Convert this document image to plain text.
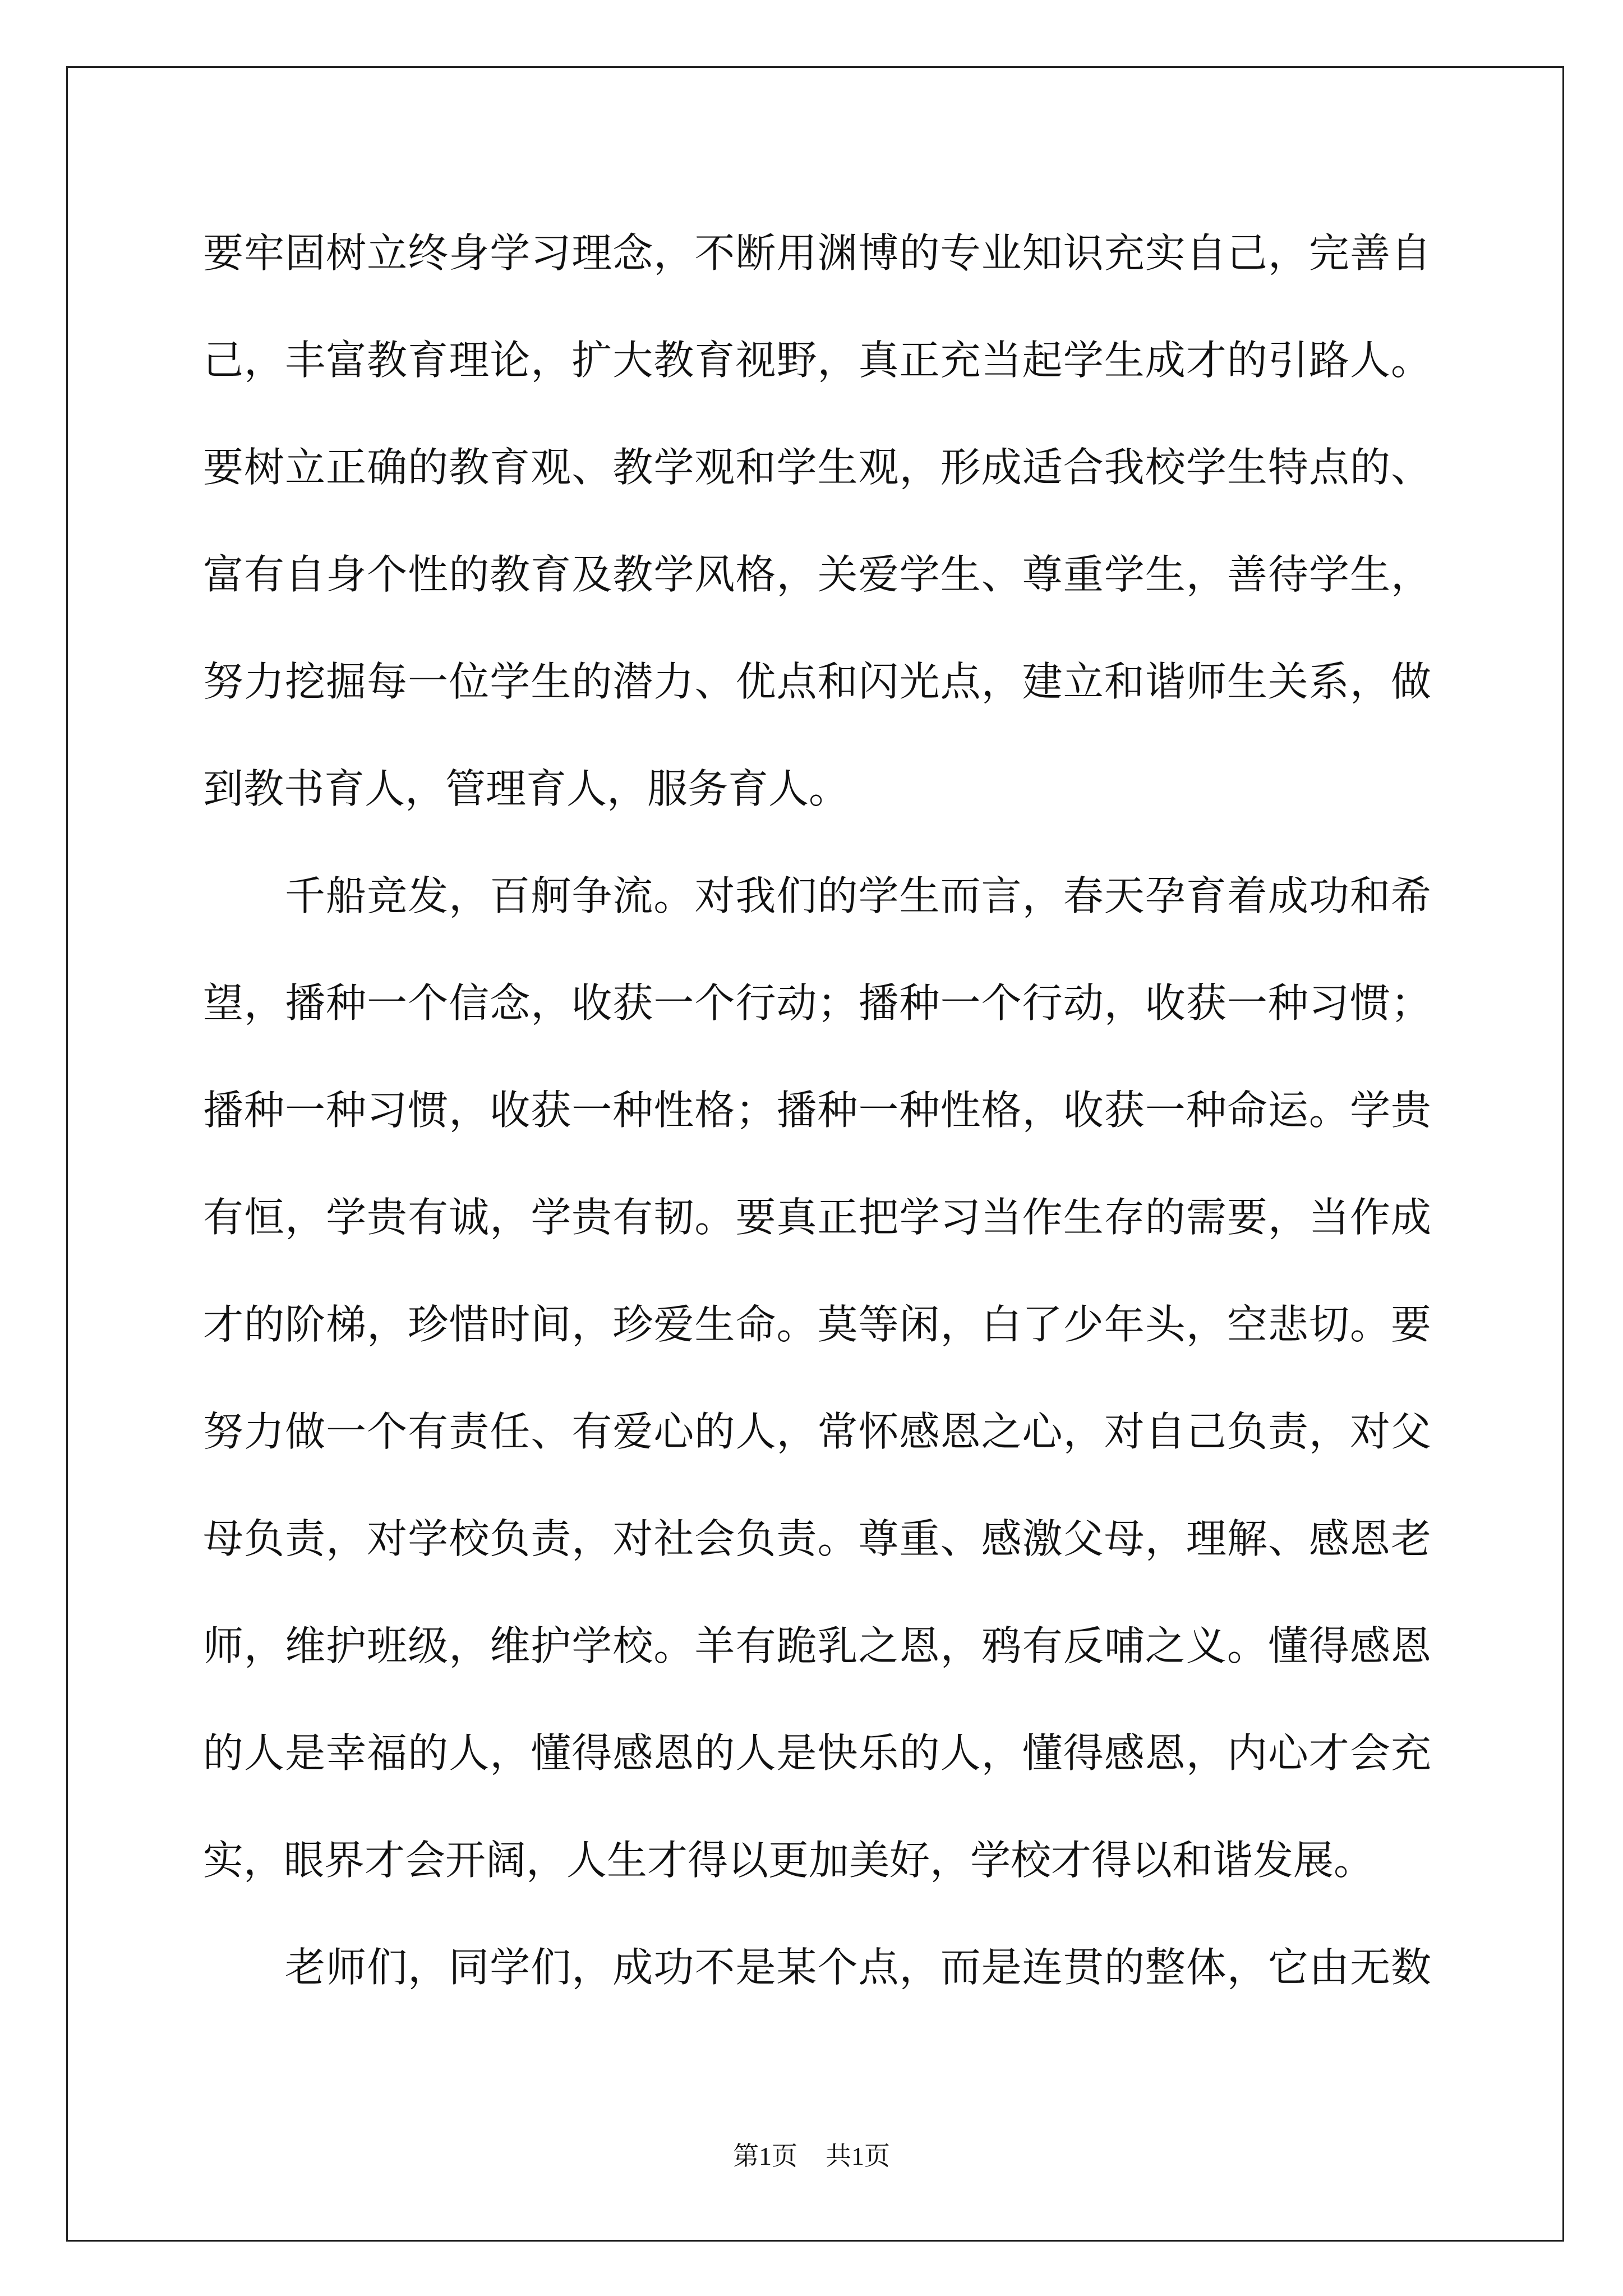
要牢固树立终身学习理念，不断用渊博的专业知识充实自己，完善自
己，丰富教育理论，扩大教育视野，真正充当起学生成才的引路人。
要树立正确的教育观、教学观和学生观，形成适合我校学生特点的、
富有自身个性的教育及教学风格，关爱学生、尊重学生，善待学生，
努力挖掘每一位学生的潜力、优点和闪光点，建立和谐师生关系，做
到教书育人，管理育人，服务育人。
千船竞发，百舸争流。对我们的学生而言，春天孕育着成功和希
望，播种一个信念，收获一个行动；播种一个行动，收获一种习惯；
播种一种习惯，收获一种性格；播种一种性格，收获一种命运。学贵
有恒，学贵有诚，学贵有韧。要真正把学习当作生存的需要，当作成
才的阶梯，珍惜时间，珍爱生命。莫等闲，白了少年头，空悲切。要
努力做一个有责任、有爱心的人，常怀感恩之心，对自己负责，对父
母负责，对学校负责，对社会负责。尊重、感激父母，理解、感恩老
师，维护班级，维护学校。羊有跪乳之恩，鸦有反哺之义。懂得感恩
的人是幸福的人，懂得感恩的人是快乐的人，懂得感恩，内心才会充
实，眼界才会开阔，人生才得以更加美好，学校才得以和谐发展。
老师们，同学们，成功不是某个点，而是连贯的整体，它由无数
第1页 共1页
